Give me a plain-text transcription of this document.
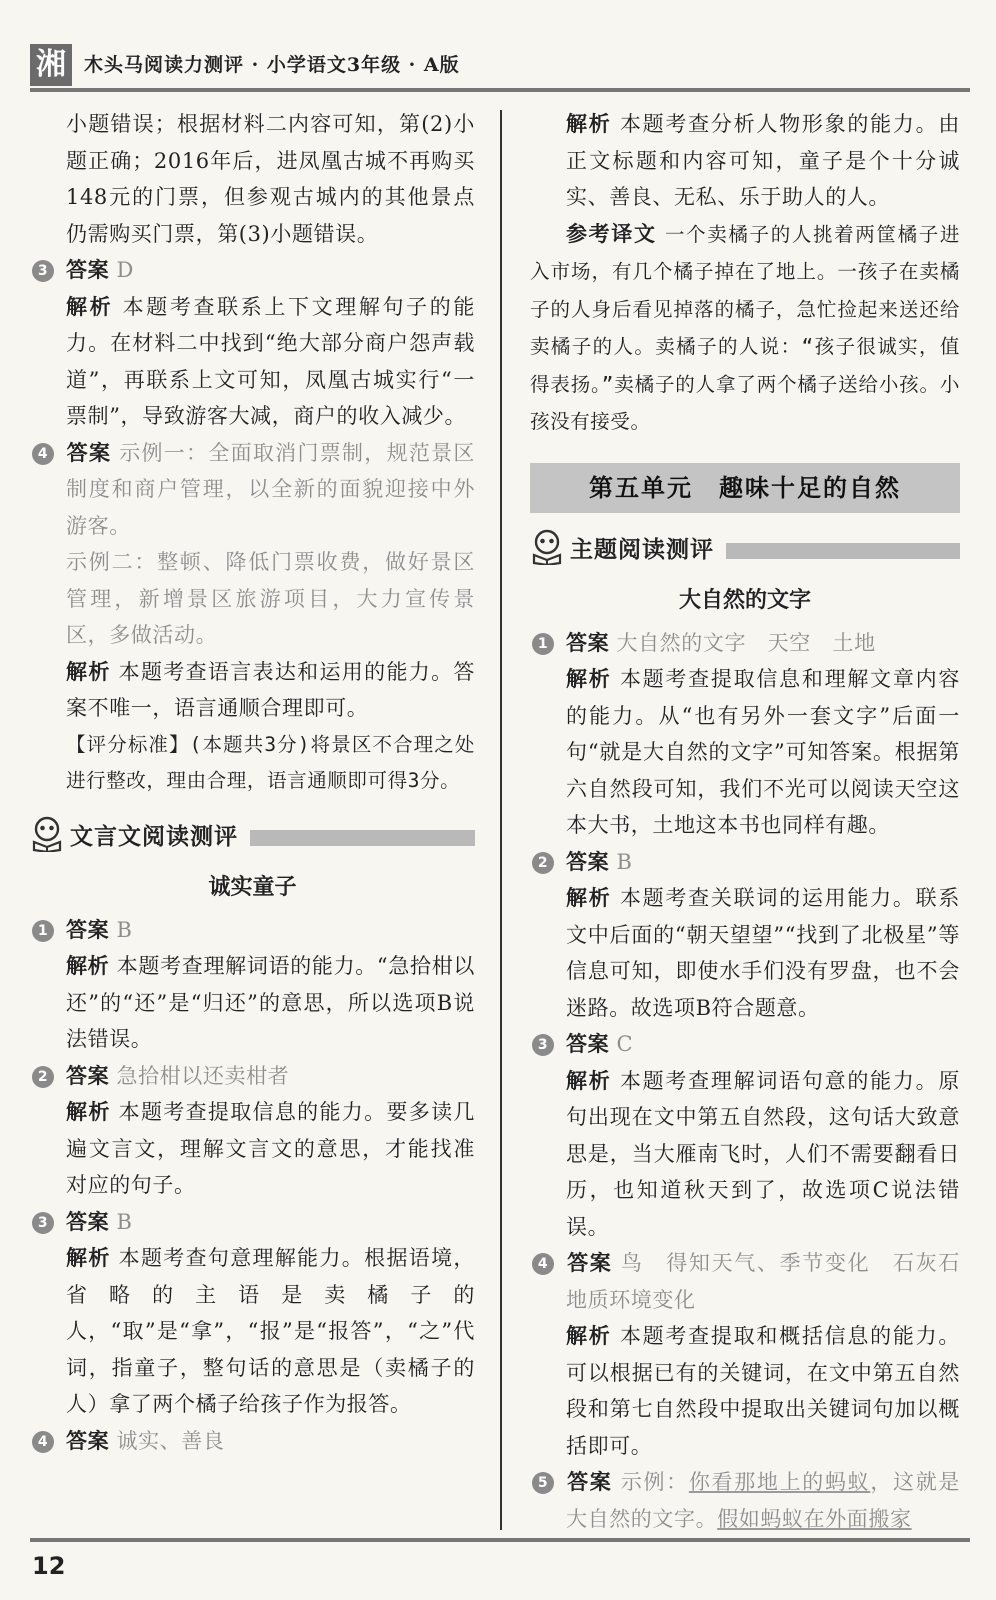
湘 木头马阅读力测评 · 小学语文3年级 · A版

小题错误；根据材料二内容可知，第(2)小题正确；2016年后，进凤凰古城不再购买148元的门票，但参观古城内的其他景点仍需购买门票，第(3)小题错误。

3 答案 D

解析 本题考查联系上下文理解句子的能力。在材料二中找到“绝大部分商户怨声载道”，再联系上文可知，凤凰古城实行“一票制”，导致游客大减，商户的收入减少。

4 答案 示例一：全面取消门票制，规范景区制度和商户管理，以全新的面貌迎接中外游客。

示例二：整顿、降低门票收费，做好景区管理，新增景区旅游项目，大力宣传景区，多做活动。

解析 本题考查语言表达和运用的能力。答案不唯一，语言通顺合理即可。

【评分标准】(本题共3分)将景区不合理之处进行整改，理由合理，语言通顺即可得3分。

文言文阅读测评
诚实童子

1 答案 B

解析 本题考查理解词语的能力。“急拾柑以还”的“还”是“归还”的意思，所以选项B说法错误。

2 答案 急拾柑以还卖柑者

解析 本题考查提取信息的能力。要多读几遍文言文，理解文言文的意思，才能找准对应的句子。

3 答案 B

解析 本题考查句意理解能力。根据语境，省略的主语是卖橘子的人，“取”是“拿”，“报”是“报答”，“之”代词，指童子，整句话的意思是（卖橘子的人）拿了两个橘子给孩子作为报答。

4 答案 诚实、善良

解析 本题考查分析人物形象的能力。由正文标题和内容可知，童子是个十分诚实、善良、无私、乐于助人的人。

参考译文 一个卖橘子的人挑着两筐橘子进入市场，有几个橘子掉在了地上。一孩子在卖橘子的人身后看见掉落的橘子，急忙捡起来送还给卖橘子的人。卖橘子的人说：“孩子很诚实，值得表扬。”卖橘子的人拿了两个橘子送给小孩。小孩没有接受。

第五单元　趣味十足的自然
主题阅读测评
大自然的文字

1 答案 大自然的文字　天空　土地

解析 本题考查提取信息和理解文章内容的能力。从“也有另外一套文字”后面一句“就是大自然的文字”可知答案。根据第六自然段可知，我们不光可以阅读天空这本大书，土地这本书也同样有趣。

2 答案 B

解析 本题考查关联词的运用能力。联系文中后面的“朝天望望”“找到了北极星”等信息可知，即使水手们没有罗盘，也不会迷路。故选项B符合题意。

3 答案 C

解析 本题考查理解词语句意的能力。原句出现在文中第五自然段，这句话大致意思是，当大雁南飞时，人们不需要翻看日历，也知道秋天到了，故选项C说法错误。

4 答案 鸟　得知天气、季节变化　石灰石　地质环境变化

解析 本题考查提取和概括信息的能力。可以根据已有的关键词，在文中第五自然段和第七自然段中提取出关键词句加以概括即可。

5 答案 示例：你看那地上的蚂蚁，这就是大自然的文字。假如蚂蚁在外面搬家

12
